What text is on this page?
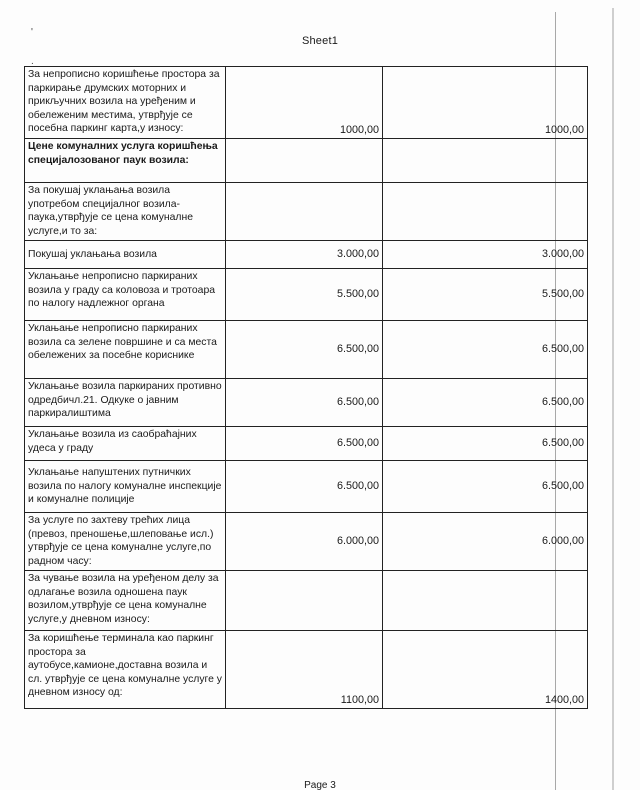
'
.
Sheet1
За непрописно коришћење простора за паркирање друмских моторних и прикључних возила на уређеним и обележеним местима, утврђује се посебна паркинг карта,у износу:	1000,00	1000,00
Цене комуналних услуга коришћења специјалозованог паук возила:		
За покушај уклањања возила употребом специјалног возила-паука,утврђује се цена комуналне услуге,и то за:		
Покушај уклањања возила	3.000,00	3.000,00
Уклањање непрописно паркираних возила у граду са коловоза и тротоара по налогу надлежног органа	5.500,00	5.500,00
Уклањање непрописно паркираних возила са зелене површине и са места обележених за посебне кориснике	6.500,00	6.500,00
Уклањање возила паркираних противно одредбичл.21. Одкуке о јавним паркиралиштима	6.500,00	6.500,00
Уклањање возила из саобраћајних удеса у граду	6.500,00	6.500,00
Уклањање напуштених путничких возила по налогу комуналне инспекције и комуналне полиције	6.500,00	6.500,00
За услуге по захтеву трећих лица (превоз, преношење,шлеповање исл.) утврђује се цена комуналне услуге,по радном часу:	6.000,00	6.000,00
За чување возила на уређеном делу за одлагање возила одношена паук возилом,утврђује се цена комуналне услуге,у дневном износу:		
За коришћење терминала као паркинг простора за аутобусе,камионе,доставна возила и сл. утврђује се цена комуналне услуге у дневном износу од:	1100,00	1400,00
Page 3
